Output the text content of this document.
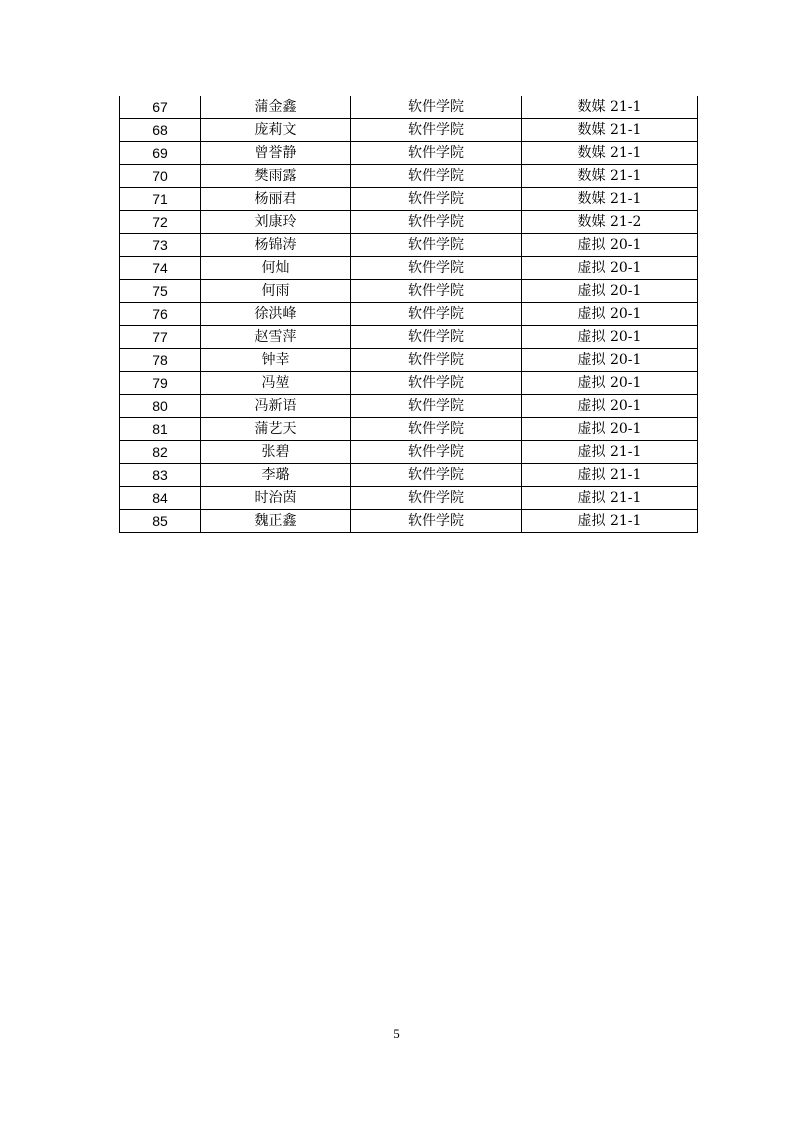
67	蒲金鑫	软件学院	数媒 21-1
68	庞莉文	软件学院	数媒 21-1
69	曾誉静	软件学院	数媒 21-1
70	樊雨露	软件学院	数媒 21-1
71	杨丽君	软件学院	数媒 21-1
72	刘康玲	软件学院	数媒 21-2
73	杨锦涛	软件学院	虚拟 20-1
74	何灿	软件学院	虚拟 20-1
75	何雨	软件学院	虚拟 20-1
76	徐洪峰	软件学院	虚拟 20-1
77	赵雪萍	软件学院	虚拟 20-1
78	钟幸	软件学院	虚拟 20-1
79	冯堃	软件学院	虚拟 20-1
80	冯新语	软件学院	虚拟 20-1
81	蒲艺天	软件学院	虚拟 20-1
82	张碧	软件学院	虚拟 21-1
83	李璐	软件学院	虚拟 21-1
84	时治茵	软件学院	虚拟 21-1
85	魏正鑫	软件学院	虚拟 21-1
5
